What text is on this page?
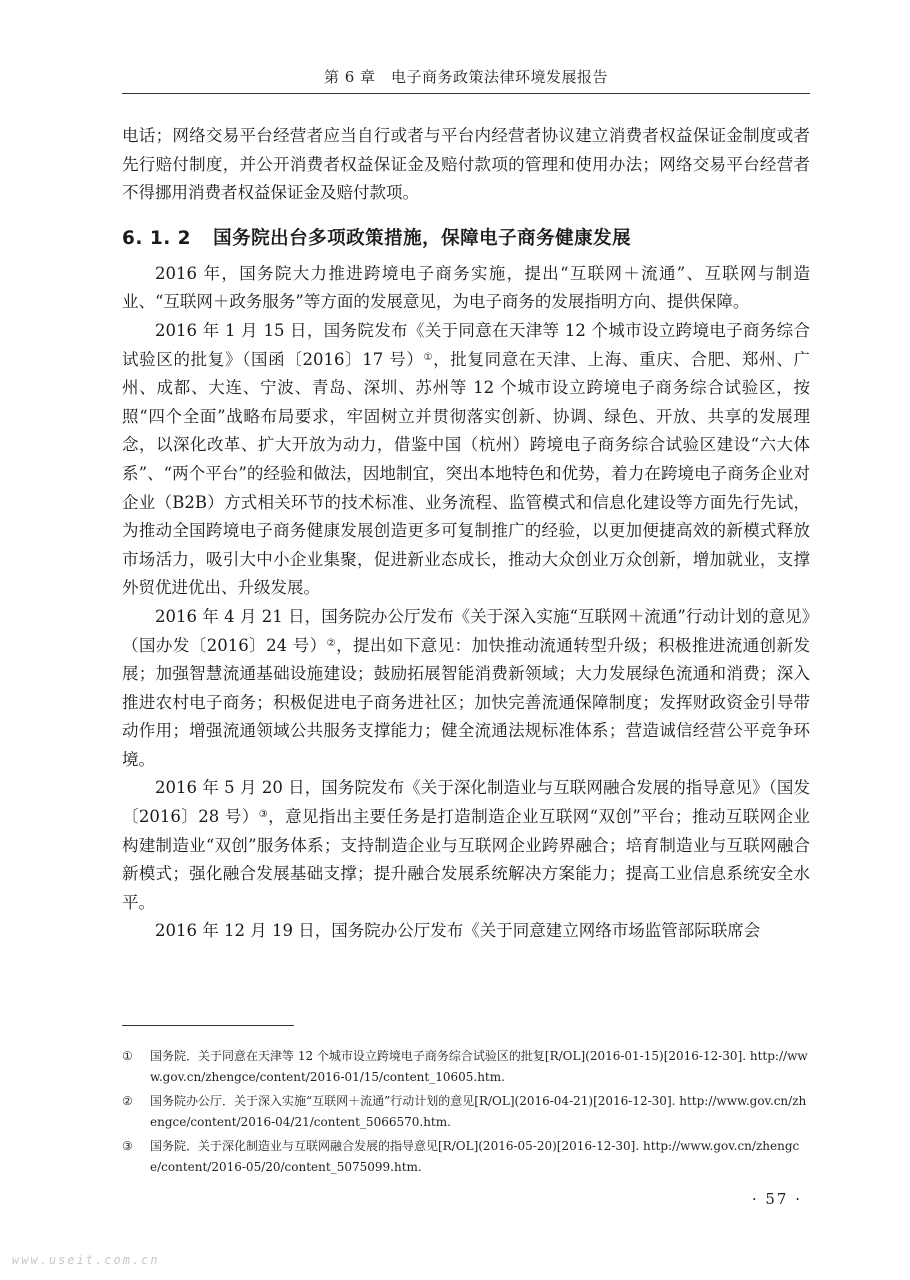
第 6 章　电子商务政策法律环境发展报告

电话；网络交易平台经营者应当自行或者与平台内经营者协议建立消费者权益保证金制度或者先行赔付制度，并公开消费者权益保证金及赔付款项的管理和使用办法；网络交易平台经营者不得挪用消费者权益保证金及赔付款项。

6. 1. 2 国务院出台多项政策措施，保障电子商务健康发展

2016 年，国务院大力推进跨境电子商务实施，提出“互联网＋流通”、互联网与制造业、“互联网＋政务服务”等方面的发展意见，为电子商务的发展指明方向、提供保障。

2016 年 1 月 15 日，国务院发布《关于同意在天津等 12 个城市设立跨境电子商务综合试验区的批复》（国函〔2016〕17 号）①，批复同意在天津、上海、重庆、合肥、郑州、广州、成都、大连、宁波、青岛、深圳、苏州等 12 个城市设立跨境电子商务综合试验区，按照“四个全面”战略布局要求，牢固树立并贯彻落实创新、协调、绿色、开放、共享的发展理念，以深化改革、扩大开放为动力，借鉴中国（杭州）跨境电子商务综合试验区建设“六大体系”、“两个平台”的经验和做法，因地制宜，突出本地特色和优势，着力在跨境电子商务企业对企业（B2B）方式相关环节的技术标准、业务流程、监管模式和信息化建设等方面先行先试，为推动全国跨境电子商务健康发展创造更多可复制推广的经验，以更加便捷高效的新模式释放市场活力，吸引大中小企业集聚，促进新业态成长，推动大众创业万众创新，增加就业，支撑外贸优进优出、升级发展。

2016 年 4 月 21 日，国务院办公厅发布《关于深入实施“互联网＋流通”行动计划的意见》（国办发〔2016〕24 号）②，提出如下意见：加快推动流通转型升级；积极推进流通创新发展；加强智慧流通基础设施建设；鼓励拓展智能消费新领域；大力发展绿色流通和消费；深入推进农村电子商务；积极促进电子商务进社区；加快完善流通保障制度；发挥财政资金引导带动作用；增强流通领域公共服务支撑能力；健全流通法规标准体系；营造诚信经营公平竞争环境。

2016 年 5 月 20 日，国务院发布《关于深化制造业与互联网融合发展的指导意见》（国发〔2016〕28 号）③，意见指出主要任务是打造制造企业互联网“双创”平台；推动互联网企业构建制造业“双创”服务体系；支持制造企业与互联网企业跨界融合；培育制造业与互联网融合新模式；强化融合发展基础支撑；提升融合发展系统解决方案能力；提高工业信息系统安全水平。

2016 年 12 月 19 日，国务院办公厅发布《关于同意建立网络市场监管部际联席会

①	国务院．关于同意在天津等 12 个城市设立跨境电子商务综合试验区的批复[R/OL](2016-01-15)[2016-12-30]. http://www.gov.cn/zhengce/content/2016-01/15/content_10605.htm.
②	国务院办公厅．关于深入实施“互联网＋流通”行动计划的意见[R/OL](2016-04-21)[2016-12-30]. http://www.gov.cn/zhengce/content/2016-04/21/content_5066570.htm.
③	国务院．关于深化制造业与互联网融合发展的指导意见[R/OL](2016-05-20)[2016-12-30]. http://www.gov.cn/zhengce/content/2016-05/20/content_5075099.htm.
· 57 ·
www.useit.com.cn
